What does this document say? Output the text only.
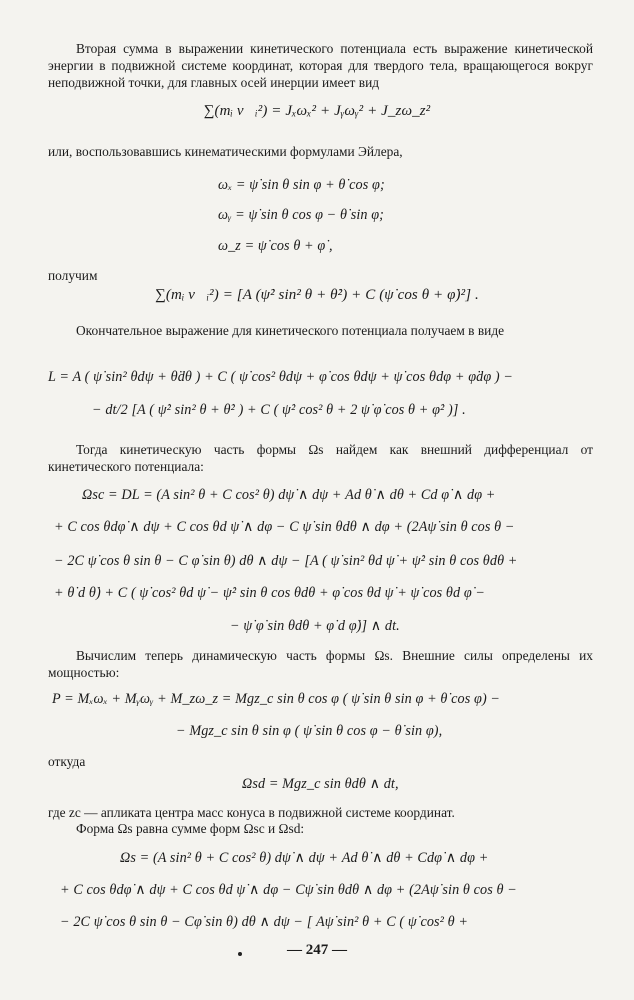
Вторая сумма в выражении кинетического потенциала есть выражение кинетической энергии в подвижной системе координат, которая для твердого тела, вращающегося вокруг неподвижной точки, для главных осей инерции имеет вид
∑(mᵢ v⃗ᵢ²) = Jₓωₓ² + Jᵧωᵧ² + J_zω_z²
или, воспользовавшись кинематическими формулами Эйлера,
ωₓ = ψ̇ sin θ sin φ + θ̇ cos φ;
ωᵧ = ψ̇ sin θ cos φ − θ̇ sin φ;
ω_z = ψ̇ cos θ + φ̇ ,
получим
∑(mᵢ v⃗ᵢ²) = [A (ψ̇² sin² θ + θ̇²) + C (ψ̇ cos θ + φ̇)²] .
Окончательное выражение для кинетического потенциала получаем в виде
L = A ( ψ̇ sin² θdψ + θ̇dθ ) + C ( ψ̇ cos² θdψ + φ̇ cos θdψ + ψ̇ cos θdφ + φ̇dφ ) −
− dt/2 [A ( ψ̇² sin² θ + θ̇² ) + C ( ψ̇² cos² θ + 2 ψ̇ φ̇ cos θ + φ̇² )] .
Тогда кинетическую часть формы Ωs найдем как внешний дифференциал от кинетического потенциала:
Ωsc = DL = (A sin² θ + C cos² θ) dψ̇ ∧ dψ + Ad θ̇ ∧ dθ + Cd φ̇ ∧ dφ +
+ C cos θdφ̇ ∧ dψ + C cos θd ψ̇ ∧ dφ − C ψ̇ sin θdθ ∧ dφ + (2Aψ̇ sin θ cos θ −
− 2C ψ̇ cos θ sin θ − C φ̇ sin θ) dθ ∧ dψ − [A ( ψ̇ sin² θd ψ̇ + ψ̇² sin θ cos θdθ +
+ θ̇ d θ̇) + C ( ψ̇ cos² θd ψ̇ − ψ̇² sin θ cos θdθ + φ̇ cos θd ψ̇ + ψ̇ cos θd φ̇ −
− ψ̇ φ̇ sin θdθ + φ̇ d φ̇)] ∧ dt.
Вычислим теперь динамическую часть формы Ωs. Внешние силы определены их мощностью:
P = Mₓωₓ + Mᵧωᵧ + M_zω_z = Mgz_c sin θ cos φ ( ψ̇ sin θ sin φ + θ̇ cos φ) −
− Mgz_c sin θ sin φ ( ψ̇ sin θ cos φ − θ̇ sin φ),
откуда
Ωsd = Mgz_c sin θdθ ∧ dt,
где zc — апликата центра масс конуса в подвижной системе координат.
Форма Ωs равна сумме форм Ωsc и Ωsd:
Ωs = (A sin² θ + C cos² θ) dψ̇ ∧ dψ + Ad θ̇ ∧ dθ + Cdφ̇ ∧ dφ +
+ C cos θdφ̇ ∧ dψ + C cos θd ψ̇ ∧ dφ − Cψ̇ sin θdθ ∧ dφ + (2Aψ̇ sin θ cos θ −
− 2C ψ̇ cos θ sin θ − Cφ̇ sin θ) dθ ∧ dψ − [ Aψ̇ sin² θ + C ( ψ̇ cos² θ +
— 247 —
